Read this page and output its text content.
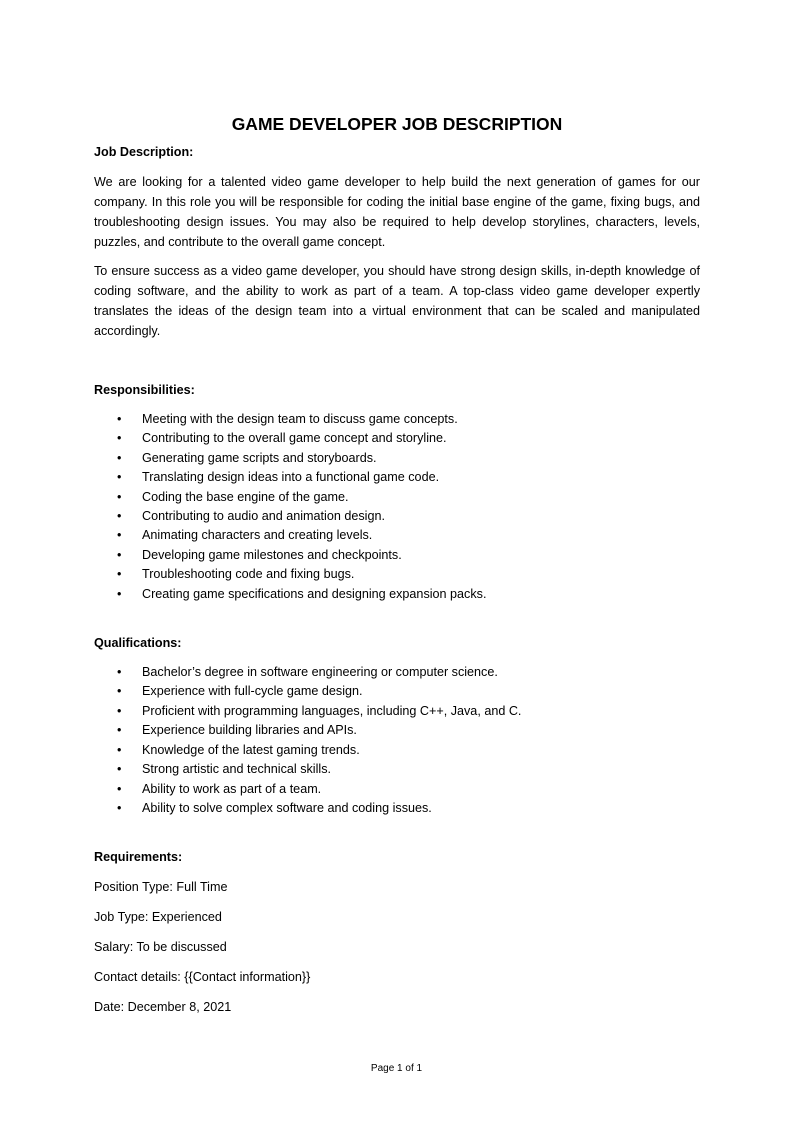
GAME DEVELOPER JOB DESCRIPTION

Job Description:

We are looking for a talented video game developer to help build the next generation of games for our company. In this role you will be responsible for coding the initial base engine of the game, fixing bugs, and troubleshooting design issues. You may also be required to help develop storylines, characters, levels, puzzles, and contribute to the overall game concept.

To ensure success as a video game developer, you should have strong design skills, in-depth knowledge of coding software, and the ability to work as part of a team. A top-class video game developer expertly translates the ideas of the design team into a virtual environment that can be scaled and manipulated accordingly.

Responsibilities:

• Meeting with the design team to discuss game concepts.
• Contributing to the overall game concept and storyline.
• Generating game scripts and storyboards.
• Translating design ideas into a functional game code.
• Coding the base engine of the game.
• Contributing to audio and animation design.
• Animating characters and creating levels.
• Developing game milestones and checkpoints.
• Troubleshooting code and fixing bugs.
• Creating game specifications and designing expansion packs.

Qualifications:

• Bachelor’s degree in software engineering or computer science.
• Experience with full-cycle game design.
• Proficient with programming languages, including C++, Java, and C.
• Experience building libraries and APIs.
• Knowledge of the latest gaming trends.
• Strong artistic and technical skills.
• Ability to work as part of a team.
• Ability to solve complex software and coding issues.

Requirements:

Position Type: Full Time

Job Type: Experienced

Salary: To be discussed

Contact details: {{Contact information}}

Date: December 8, 2021

Page 1 of 1
